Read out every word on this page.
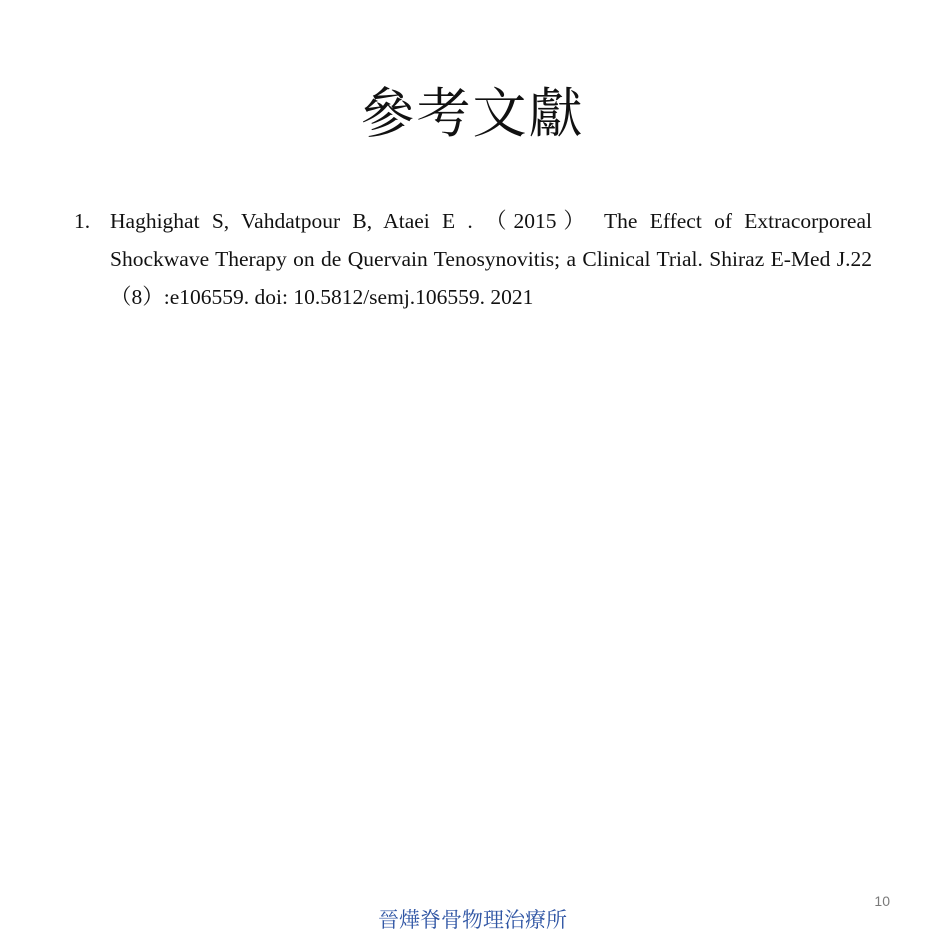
參考文獻
1. Haghighat S, Vahdatpour B, Ataei E . （2015） The Effect of Extracorporeal Shockwave Therapy on de Quervain Tenosynovitis; a Clinical Trial. Shiraz E-Med J.22（8）:e106559. doi: 10.5812/semj.106559. 2021
晉燁脊骨物理治療所
10
